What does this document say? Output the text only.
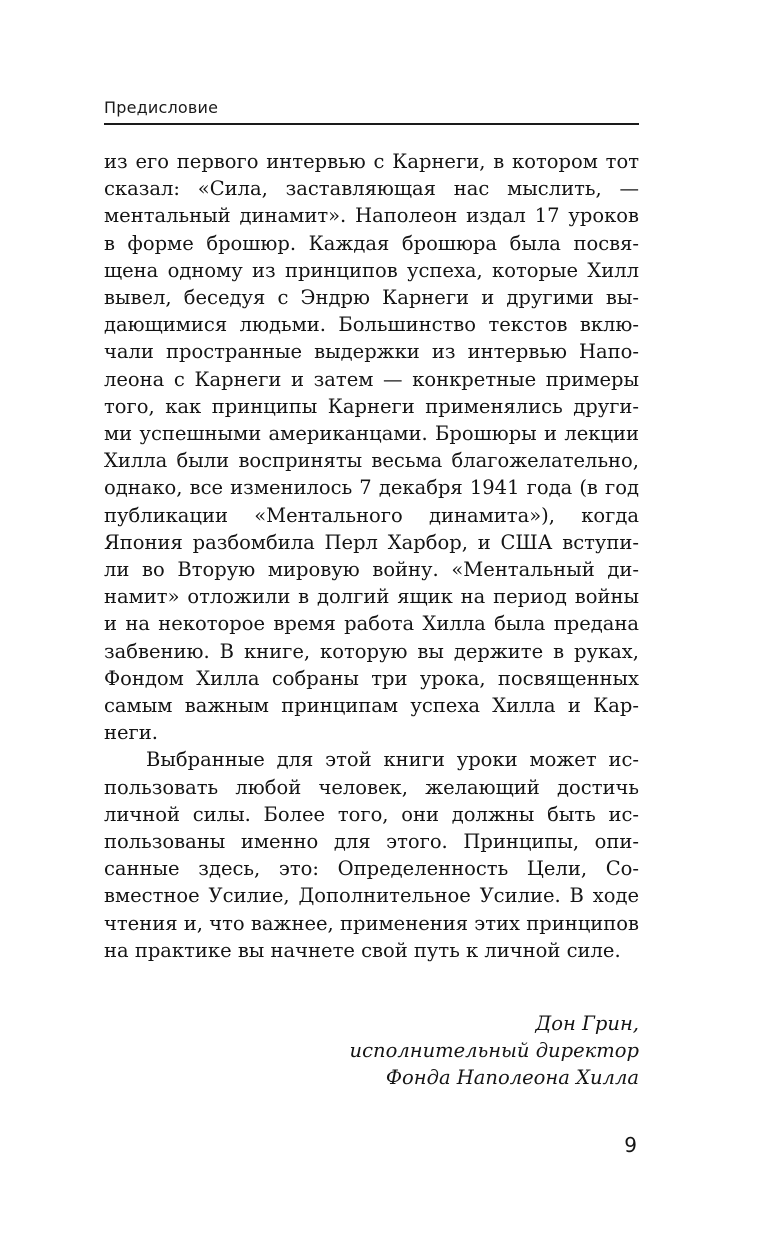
Предисловие
из его первого интервью с Карнеги, в котором тот
сказал: «Сила, заставляющая нас мыслить, —
ментальный динамит». Наполеон издал 17 уроков
в форме брошюр. Каждая брошюра была посвя-
щена одному из принципов успеха, которые Хилл
вывел, беседуя с Эндрю Карнеги и другими вы-
дающимися людьми. Большинство текстов вклю-
чали пространные выдержки из интервью Напо-
леона с Карнеги и затем — конкретные примеры
того, как принципы Карнеги применялись други-
ми успешными американцами. Брошюры и лекции
Хилла были восприняты весьма благожелательно,
однако, все изменилось 7 декабря 1941 года (в год
публикации «Ментального динамита»), когда
Япония разбомбила Перл Харбор, и США вступи-
ли во Вторую мировую войну. «Ментальный ди-
намит» отложили в долгий ящик на период войны
и на некоторое время работа Хилла была предана
забвению. В книге, которую вы держите в руках,
Фондом Хилла собраны три урока, посвященных
самым важным принципам успеха Хилла и Кар-
неги.
Выбранные для этой книги уроки может ис-
пользовать любой человек, желающий достичь
личной силы. Более того, они должны быть ис-
пользованы именно для этого. Принципы, опи-
санные здесь, это: Определенность Цели, Со-
вместное Усилие, Дополнительное Усилие. В ходе
чтения и, что важнее, применения этих принципов
на практике вы начнете свой путь к личной силе.
Дон Грин,
исполнительный директор
Фонда Наполеона Хилла
9
